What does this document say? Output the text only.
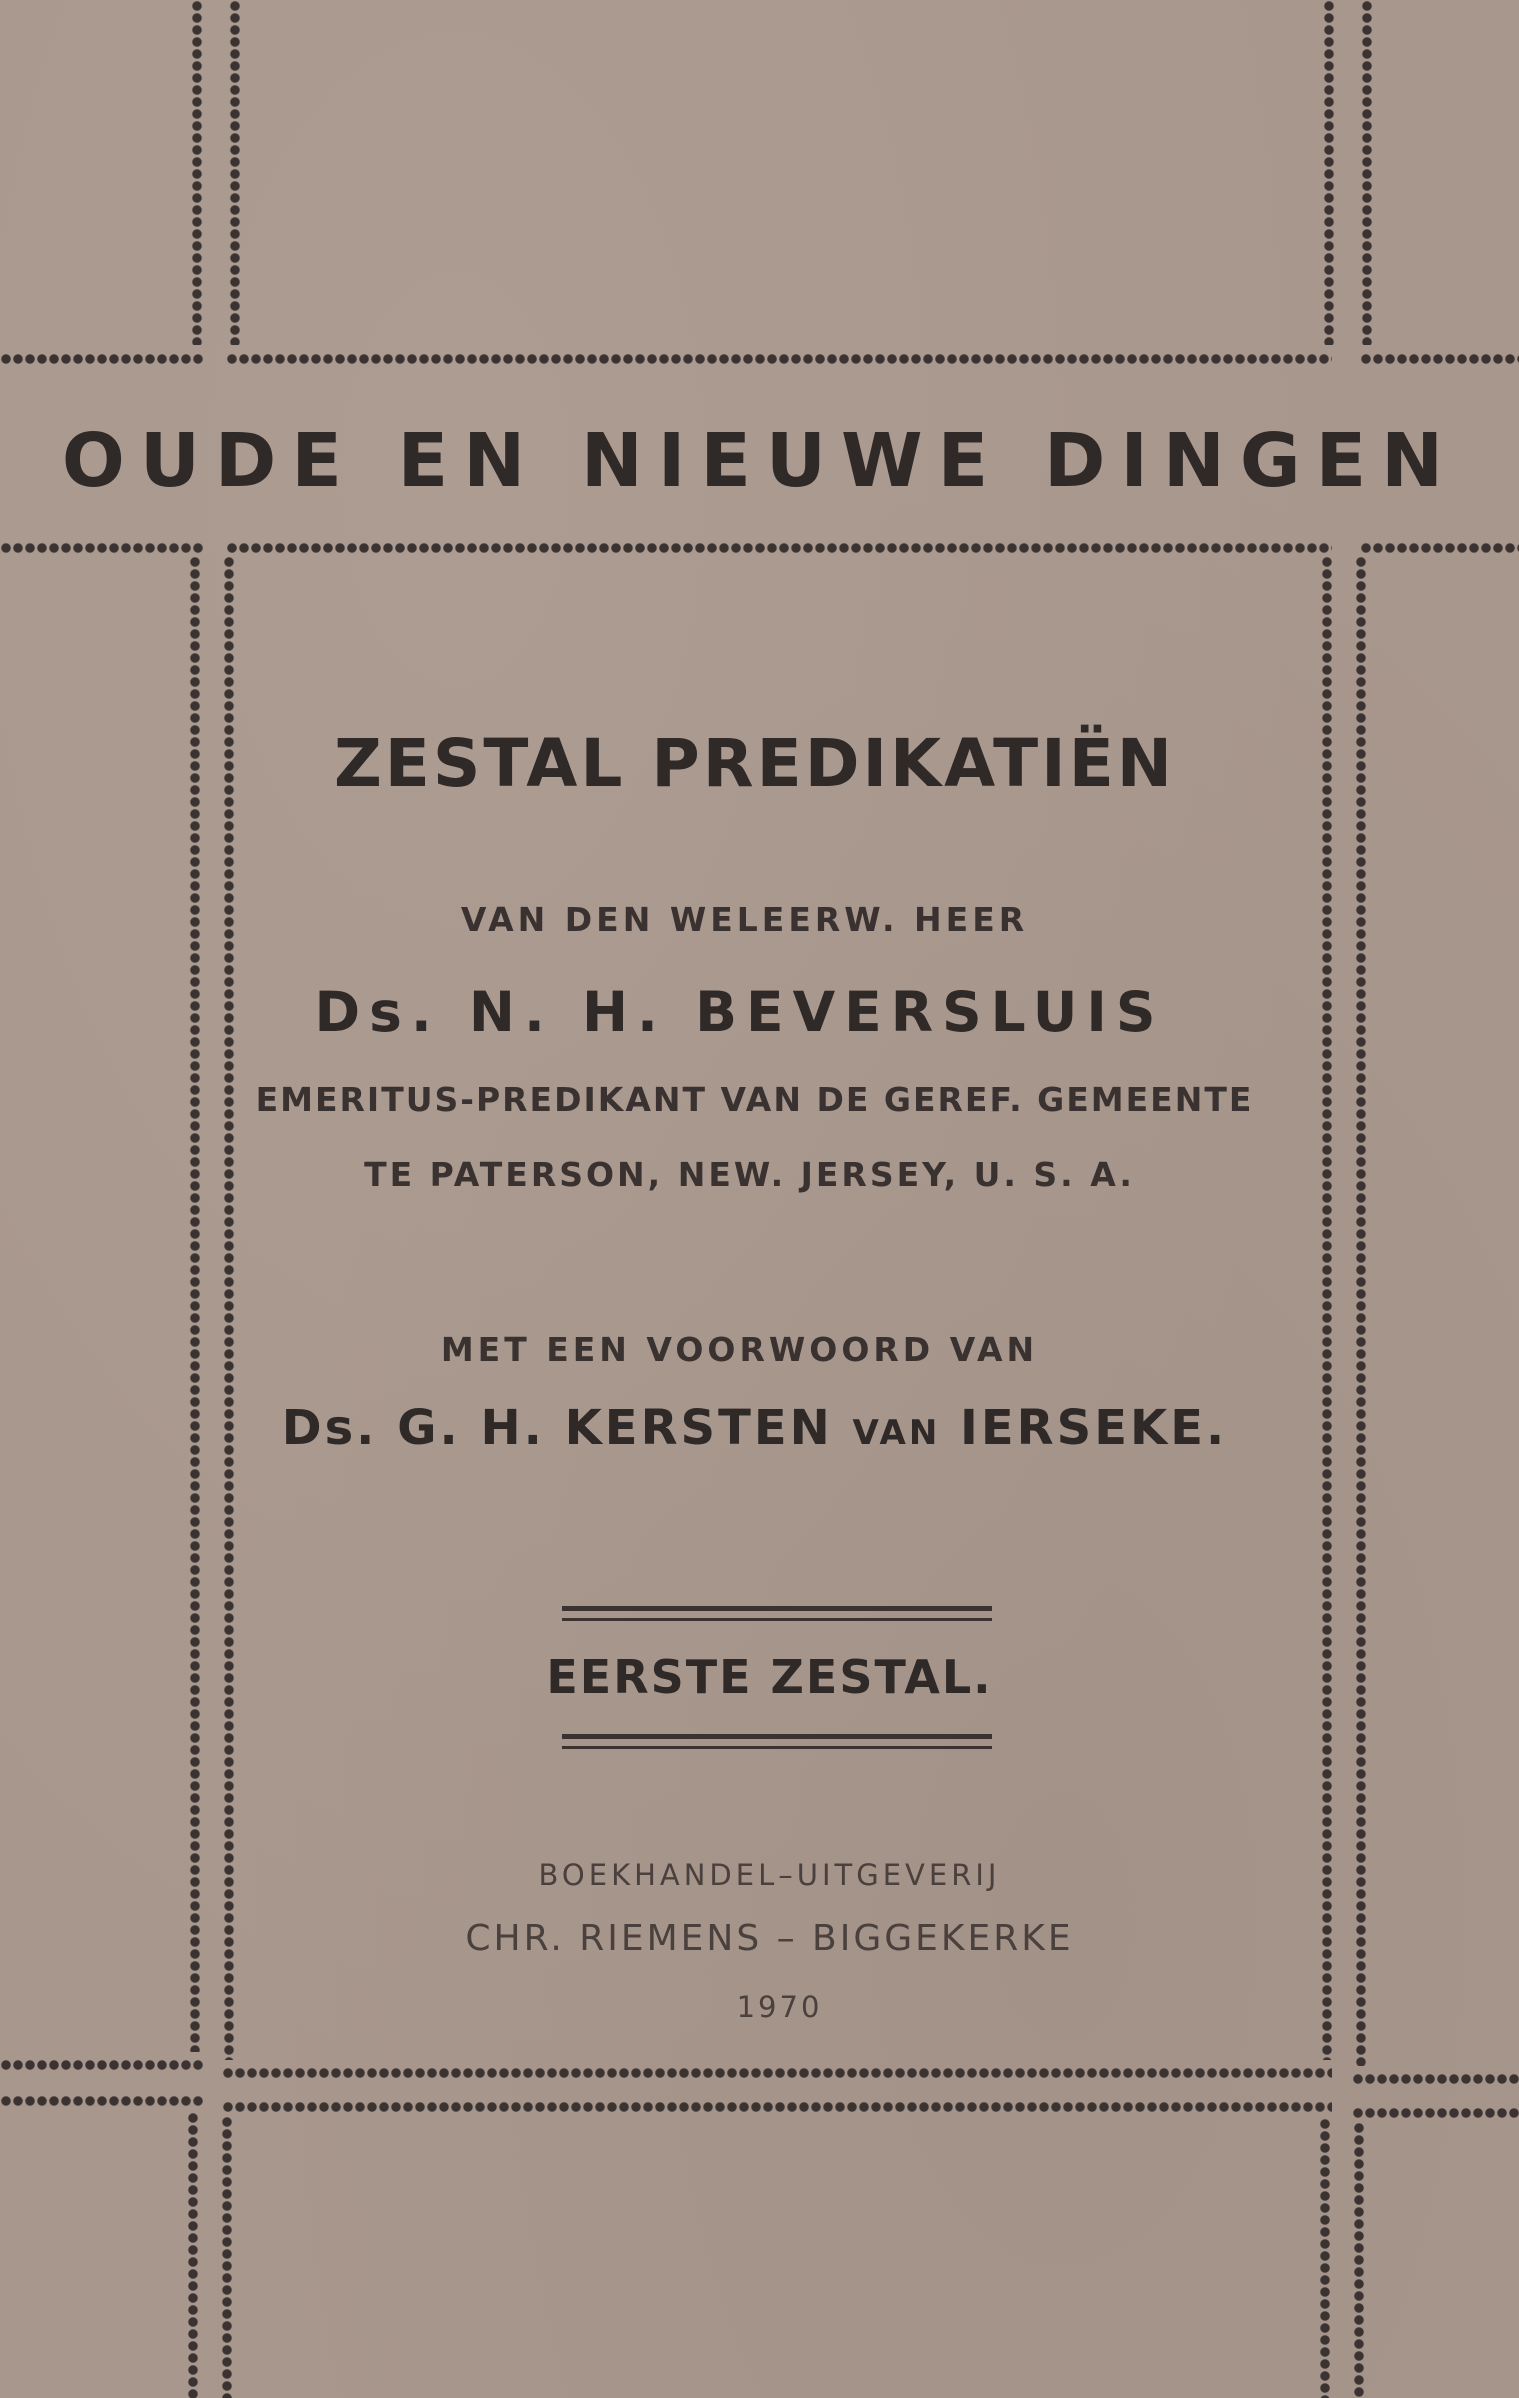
OUDE EN NIEUWE DINGEN
ZESTAL PREDIKATIËN

VAN DEN WELEERW. HEER

Ds. N. H. BEVERSLUIS

EMERITUS-PREDIKANT VAN DE GEREF. GEMEENTE

TE PATERSON, NEW. JERSEY, U. S. A.

MET EEN VOORWOORD VAN

Ds. G. H. KERSTEN VAN IERSEKE.

EERSTE ZESTAL.

BOEKHANDEL–UITGEVERIJ

CHR. RIEMENS – BIGGEKERKE

1970
